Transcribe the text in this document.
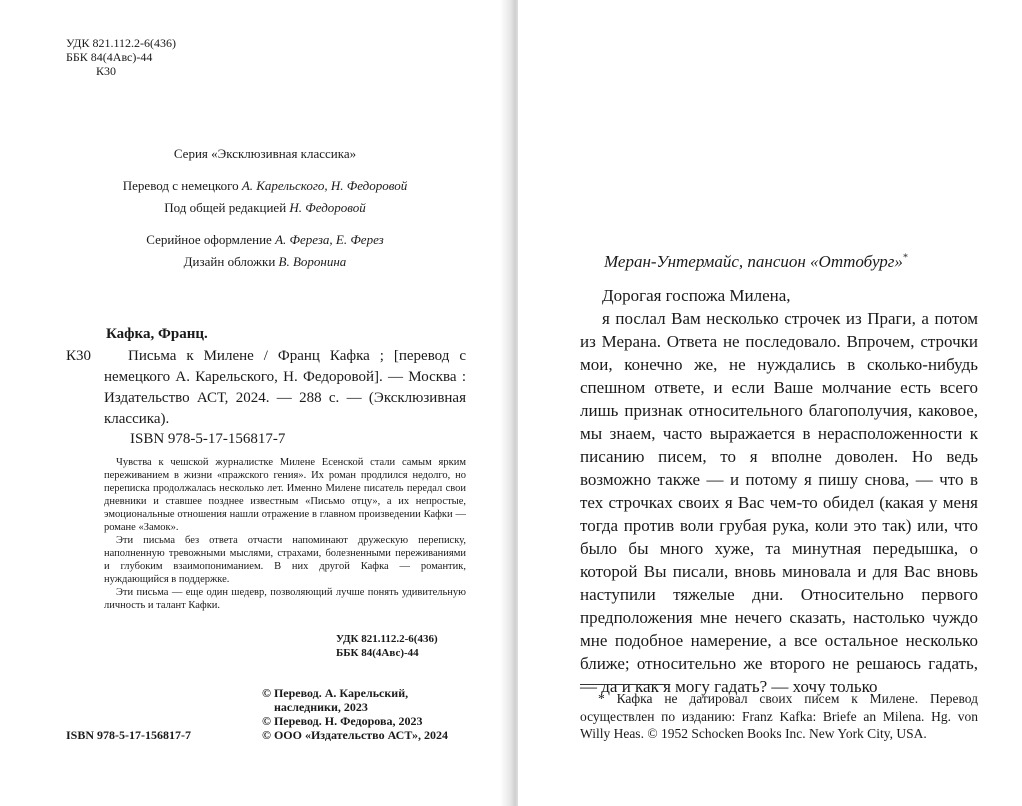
УДК 821.112.2-6(436)
ББК 84(4Авс)-44
К30
Серия «Эксклюзивная классика»
Перевод с немецкого А. Карельского, Н. Федоровой
Под общей редакцией Н. Федоровой
Серийное оформление А. Фереза, Е. Ферез
Дизайн обложки В. Воронина
Кафка, Франц.
К30	Письма к Милене / Франц Кафка ; [перевод с немецкого А. Карельского, Н. Федоровой]. — Москва : Издательство АСТ, 2024. — 288 с. — (Эксклюзивная классика).
ISBN 978-5-17-156817-7

Чувства к чешской журналистке Милене Есенской стали самым ярким переживанием в жизни «пражского гения». Их роман продлился недолго, но переписка продолжалась несколько лет. Именно Милене писатель передал свои дневники и ставшее позднее известным «Письмо отцу», а их непростые, эмоциональные отношения нашли отражение в главном произведении Кафки — романе «Замок».

Эти письма без ответа отчасти напоминают дружескую переписку, наполненную тревожными мыслями, страхами, болезненными переживаниями и глубоким взаимопониманием. В них другой Кафка — романтик, нуждающийся в поддержке.

Эти письма — еще один шедевр, позволяющий лучше понять удивительную личность и талант Кафки.

УДК 821.112.2-6(436)
ББК 84(4Авс)-44
© Перевод. А. Карельский,
наследники, 2023
© Перевод. Н. Федорова, 2023
© ООО «Издательство АСТ», 2024
ISBN 978-5-17-156817-7
Меран-Унтермайс, пансион «Оттобург»*

Дорогая госпожа Милена,

я послал Вам несколько строчек из Праги, а потом из Мерана. Ответа не последовало. Впрочем, строчки мои, конечно же, не нуждались в сколько-нибудь спешном ответе, и если Ваше молчание есть всего лишь признак относительного благополучия, каковое, мы знаем, часто выражается в нерасположенности к писанию писем, то я вполне доволен. Но ведь возможно также — и потому я пишу снова, — что в тех строчках своих я Вас чем-то обидел (какая у меня тогда против воли грубая рука, коли это так) или, что было бы много хуже, та минутная передышка, о которой Вы писали, вновь миновала и для Вас вновь наступили тяжелые дни. Относительно первого предположения мне нечего сказать, настолько чуждо мне подобное намерение, а все остальное несколько ближе; относительно же второго не решаюсь гадать, — да и как я могу гадать? — хочу только

* Кафка не датировал своих писем к Милене. Перевод осуществлен по изданию: Franz Kafka: Briefe an Milena. Hg. von Willy Heas. © 1952 Schocken Books Inc. New York City, USA.
